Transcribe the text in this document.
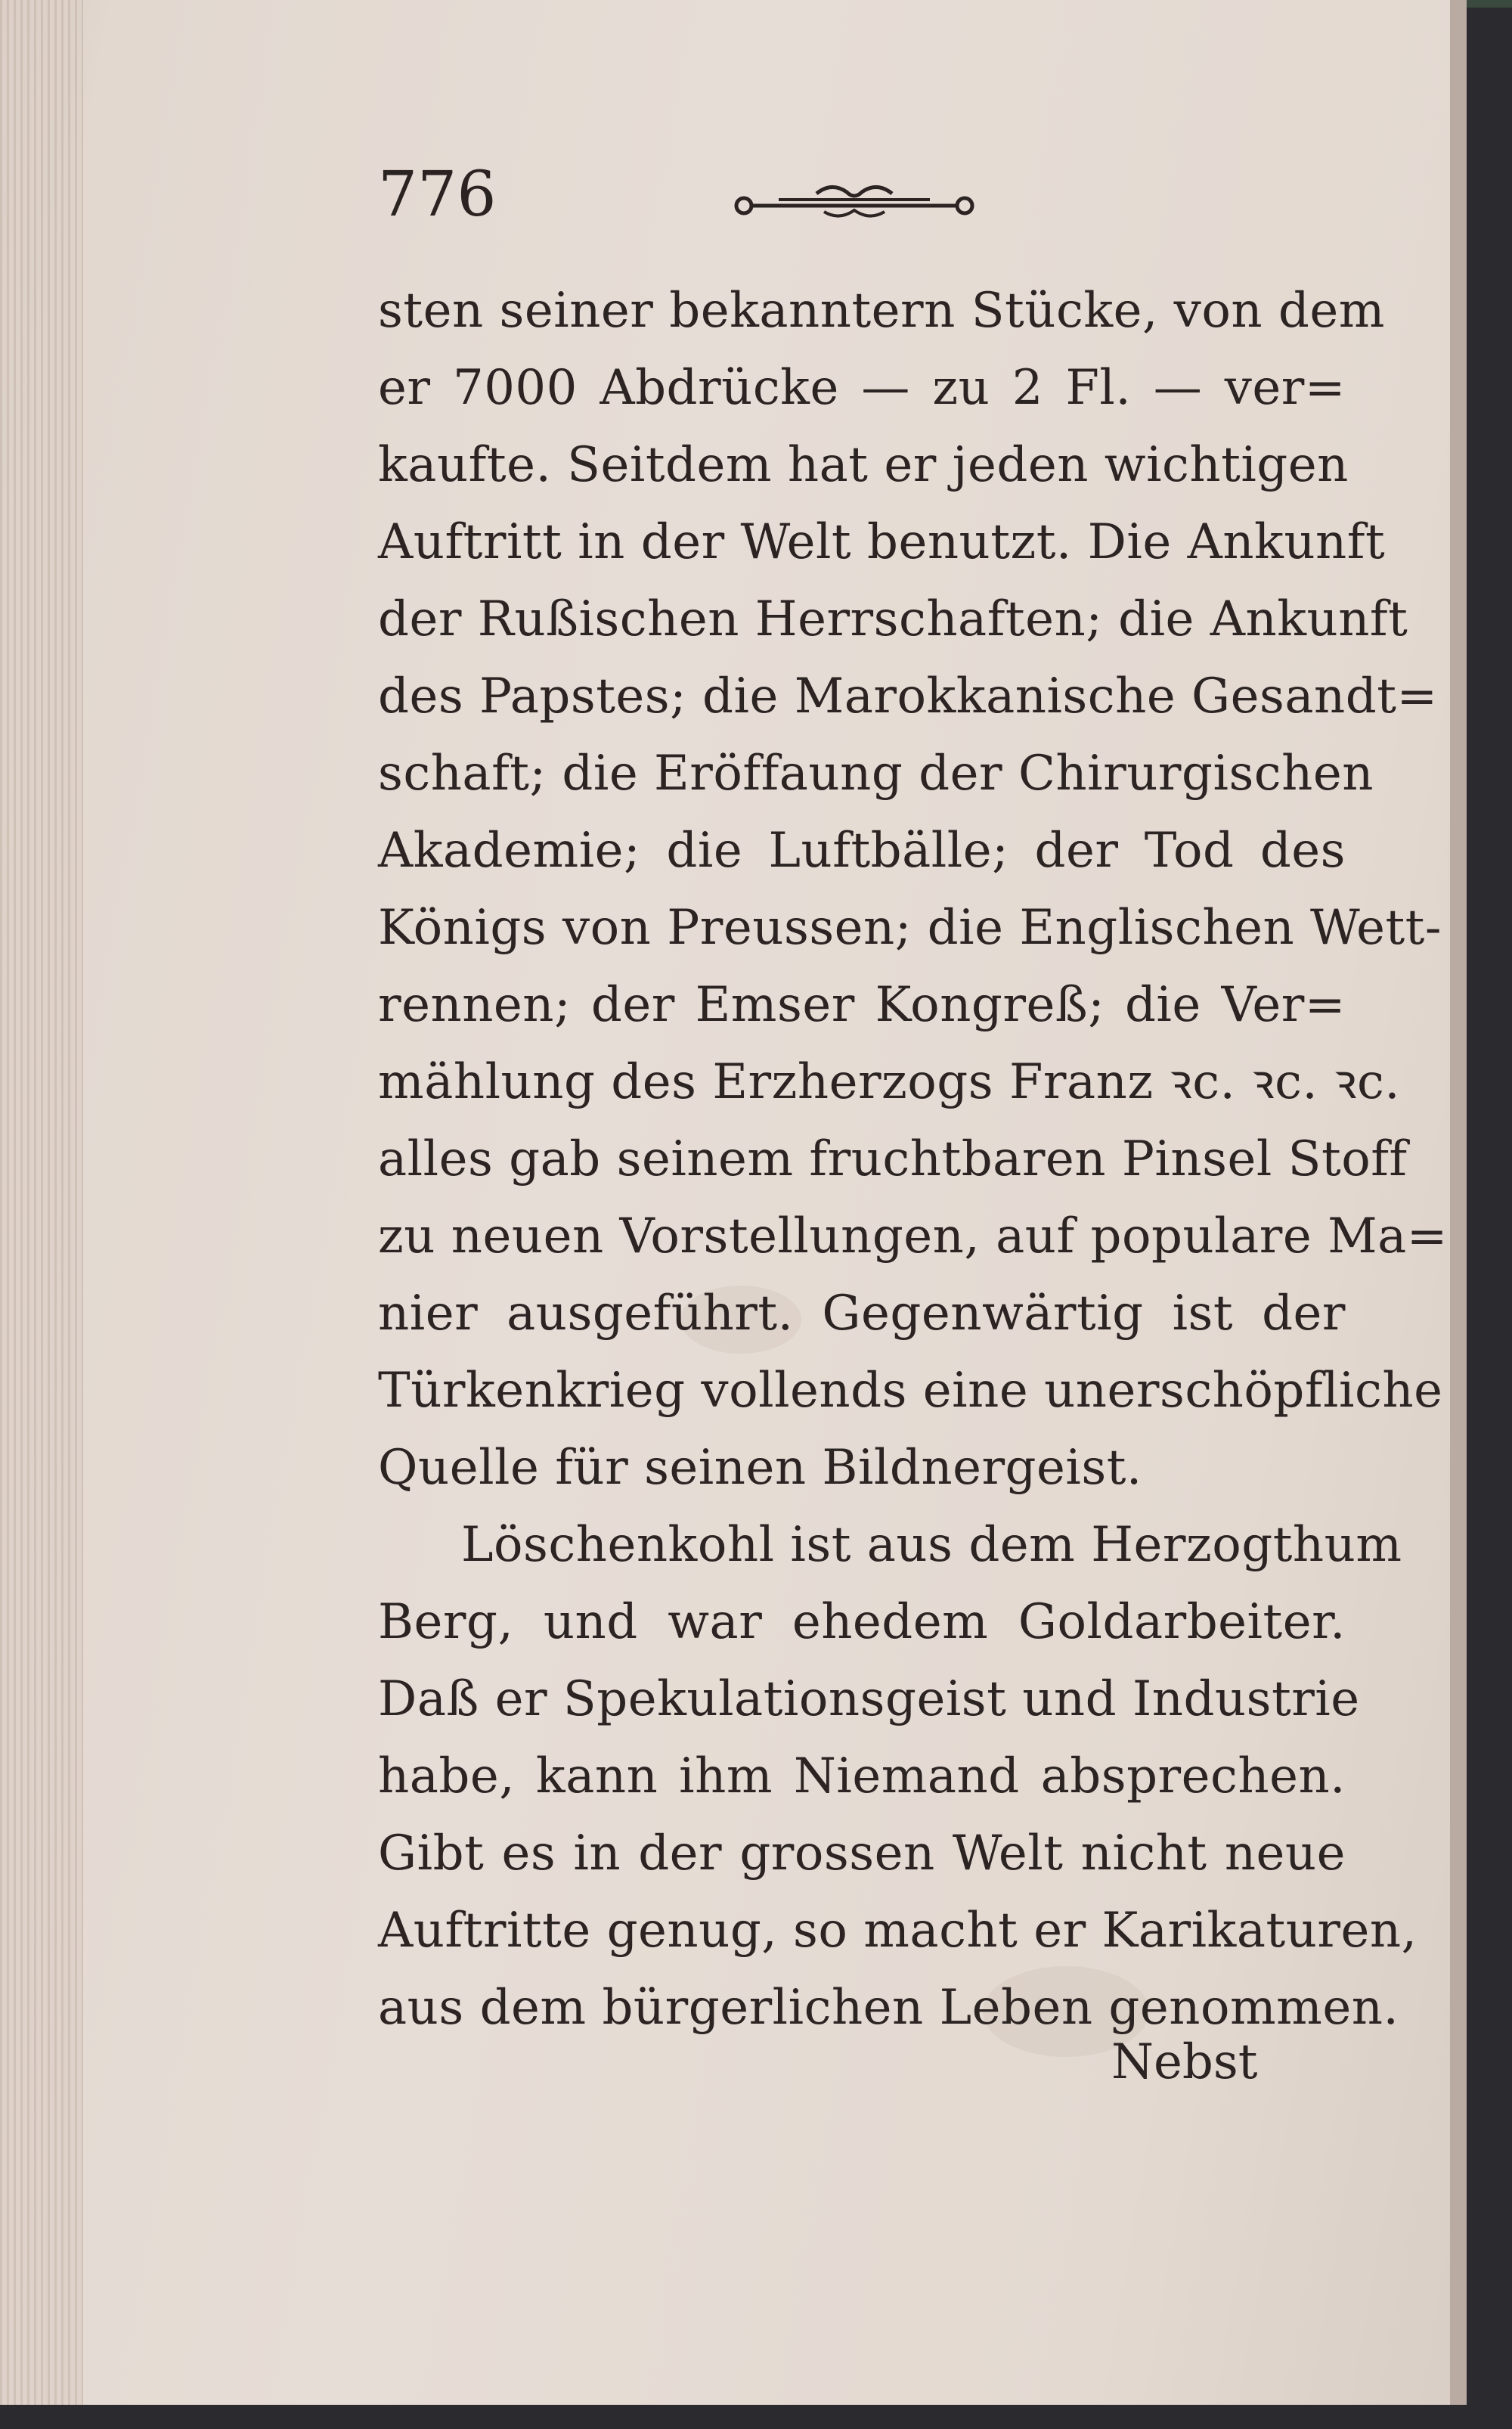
776
sten seiner bekanntern Stücke, von dem
er 7000 Abdrücke — zu 2 Fl. — ver=
kaufte. Seitdem hat er jeden wichtigen
Auftritt in der Welt benutzt. Die Ankunft
der Rußischen Herrschaften; die Ankunft
des Papstes; die Marokkanische Gesandt=
schaft; die Eröffaung der Chirurgischen
Akademie; die Luftbälle; der Tod des
Königs von Preussen; die Englischen Wett-
rennen; der Emser Kongreß; die Ver=
mählung des Erzherzogs Franz ꝛc. ꝛc. ꝛc.
alles gab seinem fruchtbaren Pinsel Stoff
zu neuen Vorstellungen, auf populare Ma=
nier ausgeführt. Gegenwärtig ist der
Türkenkrieg vollends eine unerschöpfliche
Quelle für seinen Bildnergeist.
Löschenkohl ist aus dem Herzogthum
Berg, und war ehedem Goldarbeiter.
Daß er Spekulationsgeist und Industrie
habe, kann ihm Niemand absprechen.
Gibt es in der grossen Welt nicht neue
Auftritte genug, so macht er Karikaturen,
aus dem bürgerlichen Leben genommen.
Nebst
